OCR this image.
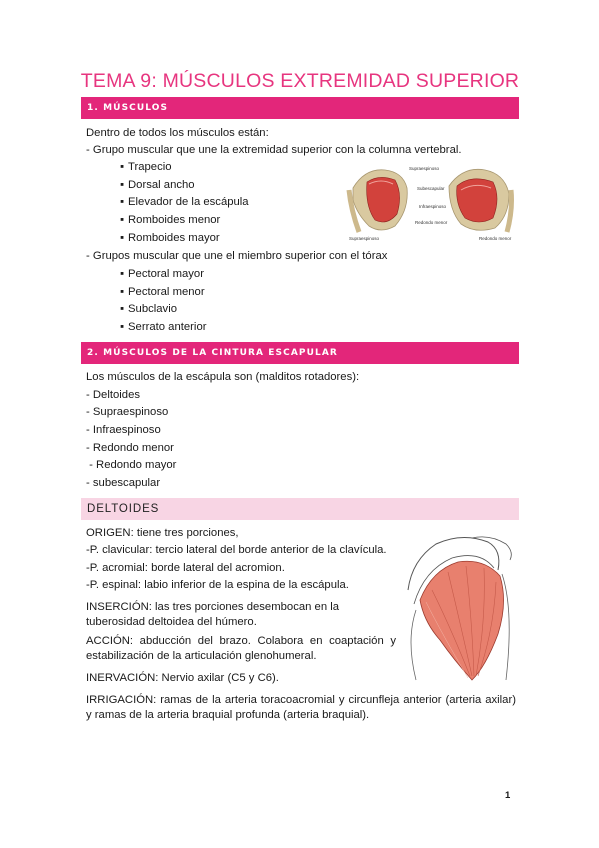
TEMA 9: MÚSCULOS EXTREMIDAD SUPERIOR
1. MÚSCULOS
Dentro de todos los músculos están:
- Grupo muscular que une la extremidad superior con la columna vertebral.
▪ Trapecio
▪ Dorsal ancho
▪ Elevador de la escápula
▪ Romboides menor
▪ Romboides mayor
- Grupos muscular que une el miembro superior con el tórax
▪ Pectoral mayor
▪ Pectoral menor
▪ Subclavio
▪ Serrato anterior
Supraespinoso
Subescapular
Infraespinoso
Redondo menor
Supraespinoso	Redondo menor
2. MÚSCULOS DE LA CINTURA ESCAPULAR
Los músculos de la escápula son (malditos rotadores):
- Deltoides
- Supraespinoso
- Infraespinoso
- Redondo menor
- Redondo mayor
- subescapular
DELTOIDES
ORIGEN: tiene tres porciones,
-P. clavicular: tercio lateral del borde anterior de la clavícula.
-P. acromial: borde lateral del acromion.
-P. espinal: labio inferior de la espina de la escápula.
INSERCIÓN: las tres porciones desembocan en la tuberosidad deltoidea del húmero.
ACCIÓN: abducción del brazo. Colabora en coaptación y estabilización de la articulación glenohumeral.
INERVACIÓN: Nervio axilar (C5 y C6).
IRRIGACIÓN: ramas de la arteria toracoacromial y circunfleja anterior (arteria axilar) y ramas de la arteria braquial profunda (arteria braquial).
1
